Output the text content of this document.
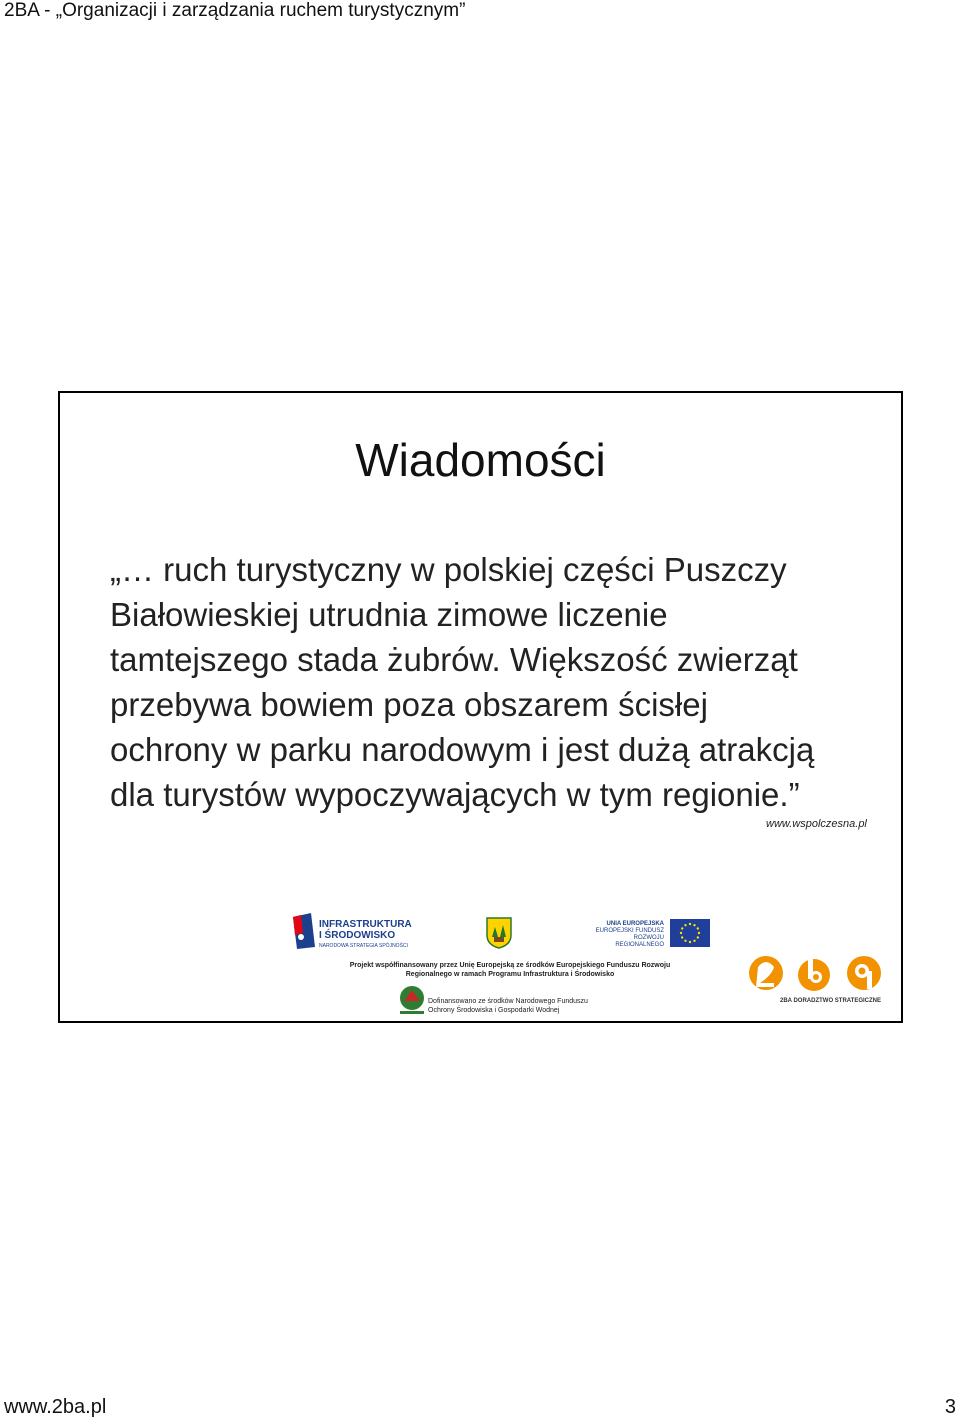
2BA - „Organizacji i zarządzania ruchem turystycznym”
Wiadomości
„… ruch turystyczny w polskiej części Puszczy
Białowieskiej utrudnia zimowe liczenie
tamtejszego stada żubrów. Większość zwierząt
przebywa bowiem poza obszarem ścisłej
ochrony w parku narodowym i jest dużą atrakcją
dla turystów wypoczywających w tym regionie.”
www.wspolczesna.pl
INFRASTRUKTURA
I ŚRODOWISKO
NARODOWA STRATEGIA SPÓJNOŚCI
UNIA EUROPEJSKA
EUROPEJSKI FUNDUSZ
ROZWOJU REGIONALNEGO
Projekt współfinansowany przez Unię Europejską ze środków Europejskiego Funduszu Rozwoju
Regionalnego w ramach Programu Infrastruktura i Środowisko
Dofinansowano ze środków Narodowego Funduszu
Ochrony Środowiska i Gospodarki Wodnej
2BA DORADZTWO STRATEGICZNE
www.2ba.pl	3
